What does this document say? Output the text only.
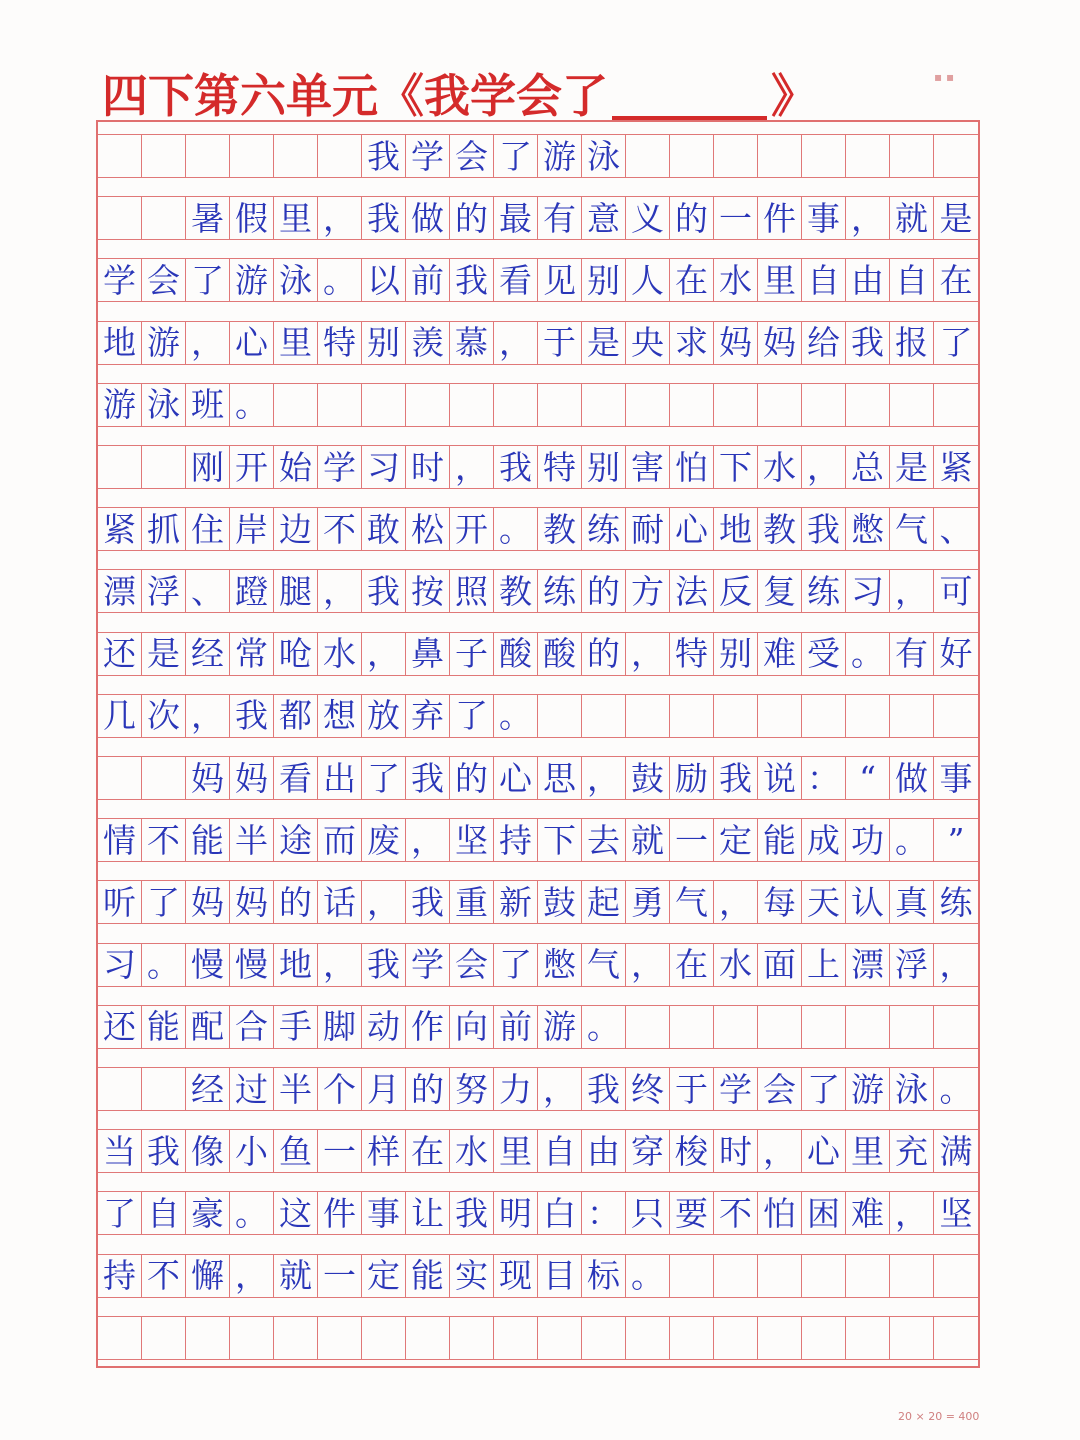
四下第六单元《我学会了	》	▪ ▪
我 学 会 了 游 泳
暑 假 里 ， 我 做 的 最 有 意 义 的 一 件 事 ， 就 是
学 会 了 游 泳 。 以 前 我 看 见 别 人 在 水 里 自 由 自 在
地 游 ， 心 里 特 别 羡 慕 ， 于 是 央 求 妈 妈 给 我 报 了
游 泳 班 。
刚 开 始 学 习 时 ， 我 特 别 害 怕 下 水 ， 总 是 紧
紧 抓 住 岸 边 不 敢 松 开 。 教 练 耐 心 地 教 我 憋 气 、
漂 浮 、 蹬 腿 ， 我 按 照 教 练 的 方 法 反 复 练 习 ， 可
还 是 经 常 呛 水 ， 鼻 子 酸 酸 的 ， 特 别 难 受 。 有 好
几 次 ， 我 都 想 放 弃 了 。
妈 妈 看 出 了 我 的 心 思 ， 鼓 励 我 说 ： “ 做 事
情 不 能 半 途 而 废 ， 坚 持 下 去 就 一 定 能 成 功 。 ”
听 了 妈 妈 的 话 ， 我 重 新 鼓 起 勇 气 ， 每 天 认 真 练
习 。 慢 慢 地 ， 我 学 会 了 憋 气 ， 在 水 面 上 漂 浮 ，
还 能 配 合 手 脚 动 作 向 前 游 。
经 过 半 个 月 的 努 力 ， 我 终 于 学 会 了 游 泳 。
当 我 像 小 鱼 一 样 在 水 里 自 由 穿 梭 时 ， 心 里 充 满
了 自 豪 。 这 件 事 让 我 明 白 ： 只 要 不 怕 困 难 ， 坚
持 不 懈 ， 就 一 定 能 实 现 目 标 。
20 × 20 = 400
